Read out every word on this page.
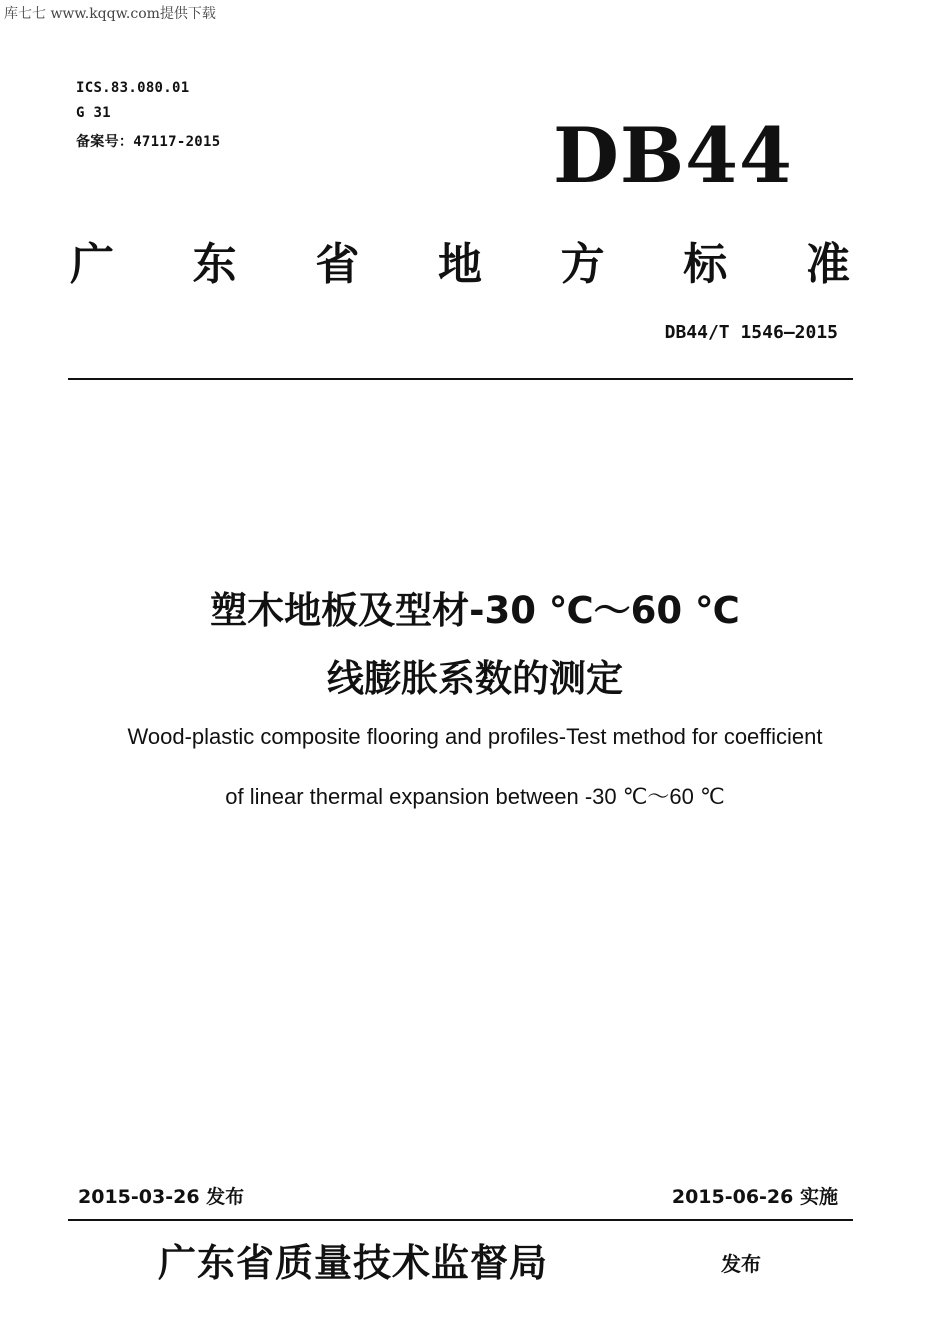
库七七 www.kqqw.com提供下载
ICS.83.080.01
G 31
备案号：47117-2015	DB44
广 东 省 地 方 标 准
DB44/T 1546—2015
塑木地板及型材-30 ℃～60 ℃
线膨胀系数的测定
Wood-plastic composite flooring and profiles-Test method for coefficient
of linear thermal expansion between -30 ℃～60 ℃
2015-03-26 发布	2015-06-26 实施
广东省质量技术监督局	发布
